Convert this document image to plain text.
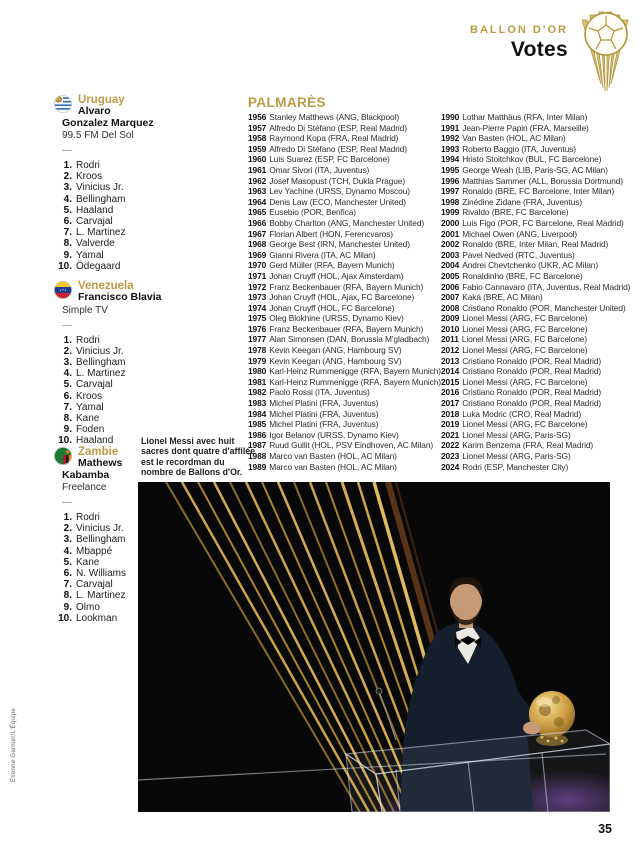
BALLON D'OR
Votes
Uruguay
Alvaro
Gonzalez Marquez
99.5 FM Del Sol
—
1. Rodri
2. Kroos
3. Vinicius Jr.
4. Bellingham
5. Haaland
6. Carvajal
7. L. Martinez
8. Valverde
9. Yamal
10. Ödegaard
Venezuela
Francisco Blavia
Simple TV
—
1. Rodri
2. Vinicius Jr.
3. Bellingham
4. L. Martinez
5. Carvajal
6. Kroos
7. Yamal
8. Kane
9. Foden
10. Haaland
Zambie
Mathews
Kabamba
Freelance
—
1. Rodri
2. Vinicius Jr.
3. Bellingham
4. Mbappé
5. Kane
6. N. Williams
7. Carvajal
8. L. Martinez
9. Olmo
10. Lookman
PALMARÈS
1956 Stanley Matthews (ANG, Blackpool)
1957 Alfredo Di Stéfano (ESP, Real Madrid)
1958 Raymond Kopa (FRA, Real Madrid)
1959 Alfredo Di Stéfano (ESP, Real Madrid)
1960 Luis Suarez (ESP, FC Barcelone)
1961 Omar Sivori (ITA, Juventus)
1962 Josef Masopust (TCH, Dukla Prague)
1963 Lev Yachine (URSS, Dynamo Moscou)
1964 Denis Law (ECO, Manchester United)
1965 Eusebio (POR, Benfica)
1966 Bobby Charlton (ANG, Manchester United)
1967 Florian Albert (HON, Ferencvaros)
1968 George Best (IRN, Manchester United)
1969 Gianni Rivera (ITA, AC Milan)
1970 Gerd Müller (RFA, Bayern Munich)
1971 Johan Cruyff (HOL, Ajax Amsterdam)
1972 Franz Beckenbauer (RFA, Bayern Munich)
1973 Johan Cruyff (HOL, Ajax, FC Barcelone)
1974 Johan Cruyff (HOL, FC Barcelone)
1975 Oleg Blokhine (URSS, Dynamo Kiev)
1976 Franz Beckenbauer (RFA, Bayern Munich)
1977 Alan Simonsen (DAN, Borussia M'gladbach)
1978 Kevin Keegan (ANG, Hambourg SV)
1979 Kevin Keegan (ANG, Hambourg SV)
1980 Karl-Heinz Rummenigge (RFA, Bayern Munich)
1981 Karl-Heinz Rummenigge (RFA, Bayern Munich)
1982 Paolo Rossi (ITA, Juventus)
1983 Michel Platini (FRA, Juventus)
1984 Michel Platini (FRA, Juventus)
1985 Michel Platini (FRA, Juventus)
1986 Igor Belanov (URSS, Dynamo Kiev)
1987 Ruud Gullit (HOL, PSV Eindhoven, AC Milan)
1988 Marco van Basten (HOL, AC Milan)
1989 Marco van Basten (HOL, AC Milan)
1990 Lothar Matthäus (RFA, Inter Milan)
1991 Jean-Pierre Papin (FRA, Marseille)
1992 Van Basten (HOL, AC Milan)
1993 Roberto Baggio (ITA, Juventus)
1994 Hristo Stoitchkov (BUL, FC Barcelone)
1995 George Weah (LIB, Paris-SG, AC Milan)
1996 Matthias Sammer (ALL, Borussia Dortmund)
1997 Ronaldo (BRE, FC Barcelone, Inter Milan)
1998 Zinédine Zidane (FRA, Juventus)
1999 Rivaldo (BRE, FC Barcelone)
2000 Luis Figo (POR, FC Barcelone, Real Madrid)
2001 Michael Owen (ANG, Liverpool)
2002 Ronaldo (BRE, Inter Milan, Real Madrid)
2003 Pavel Nedved (RTC, Juventus)
2004 Andrei Chevtchenko (UKR, AC Milan)
2005 Ronaldinho (BRE, FC Barcelone)
2006 Fabio Cannavaro (ITA, Juventus, Real Madrid)
2007 Kaká (BRE, AC Milan)
2008 Cristiano Ronaldo (POR, Manchester United)
2009 Lionel Messi (ARG, FC Barcelone)
2010 Lionel Messi (ARG, FC Barcelone)
2011 Lionel Messi (ARG, FC Barcelone)
2012 Lionel Messi (ARG, FC Barcelone)
2013 Cristiano Ronaldo (POR, Real Madrid)
2014 Cristiano Ronaldo (POR, Real Madrid)
2015 Lionel Messi (ARG, FC Barcelone)
2016 Cristiano Ronaldo (POR, Real Madrid)
2017 Cristiano Ronaldo (POR, Real Madrid)
2018 Luka Modric (CRO, Real Madrid)
2019 Lionel Messi (ARG, FC Barcelone)
2021 Lionel Messi (ARG, Paris-SG)
2022 Karim Benzema (FRA, Real Madrid)
2023 Lionel Messi (ARG, Paris-SG)
2024 Rodri (ESP, Manchester City)
Lionel Messi avec huit sacres dont quatre d'affilée est le recordman du nombre de Ballons d'Or.
Étienne Garnier/L'Équipe
35
